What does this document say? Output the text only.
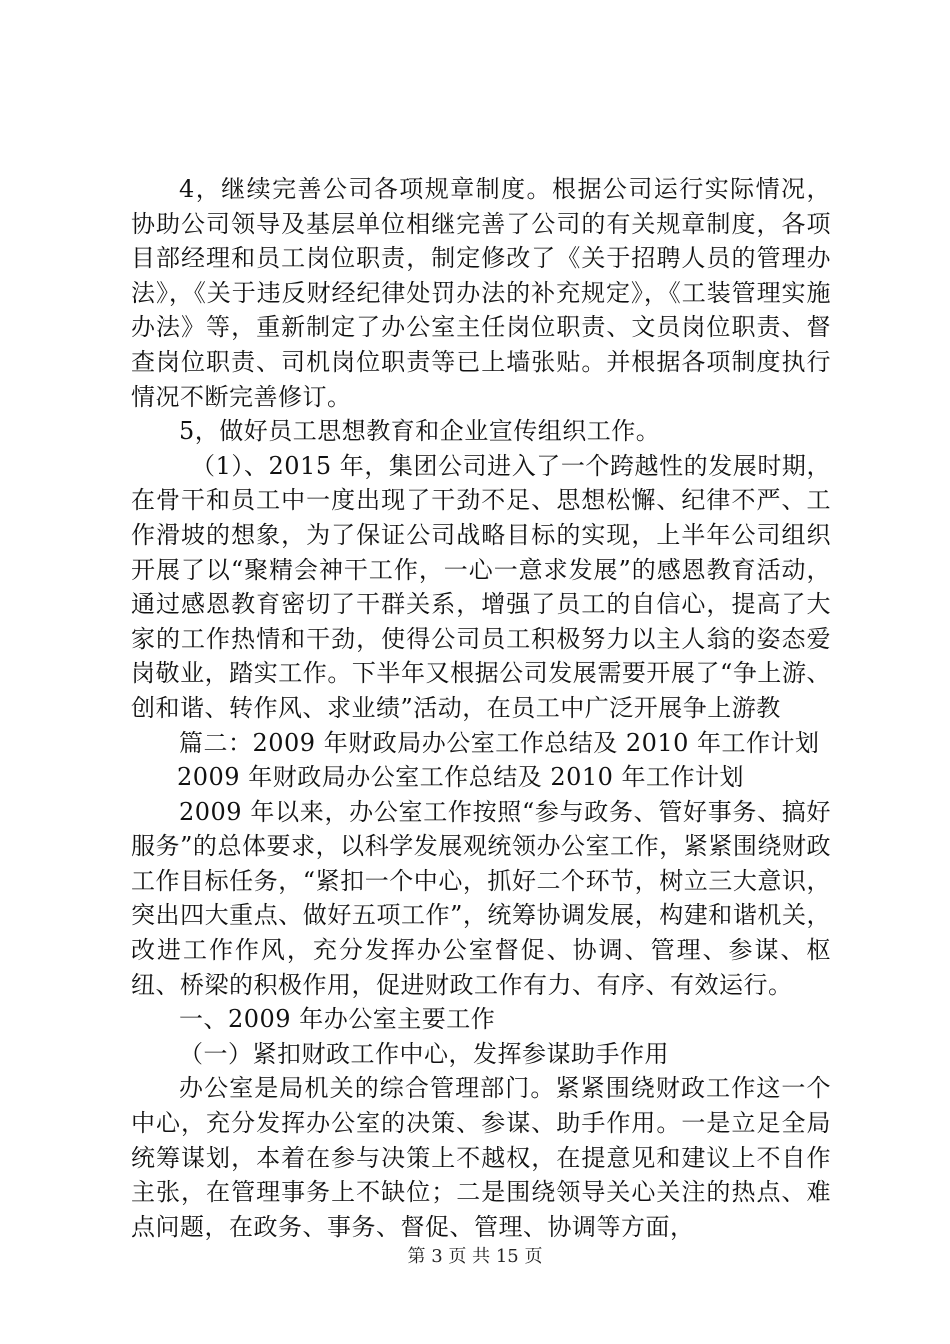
4，继续完善公司各项规章制度。根据公司运行实际情况，协助公司领导及基层单位相继完善了公司的有关规章制度，各项目部经理和员工岗位职责，制定修改了《关于招聘人员的管理办法》，《关于违反财经纪律处罚办法的补充规定》，《工装管理实施办法》等，重新制定了办公室主任岗位职责、文员岗位职责、督查岗位职责、司机岗位职责等已上墙张贴。并根据各项制度执行情况不断完善修订。

5，做好员工思想教育和企业宣传组织工作。

（1）、2015 年，集团公司进入了一个跨越性的发展时期，在骨干和员工中一度出现了干劲不足、思想松懈、纪律不严、工作滑坡的想象，为了保证公司战略目标的实现，上半年公司组织开展了以“聚精会神干工作，一心一意求发展”的感恩教育活动，通过感恩教育密切了干群关系，增强了员工的自信心，提高了大家的工作热情和干劲，使得公司员工积极努力以主人翁的姿态爱岗敬业，踏实工作。下半年又根据公司发展需要开展了“争上游、创和谐、转作风、求业绩”活动，在员工中广泛开展争上游教

篇二：2009 年财政局办公室工作总结及 2010 年工作计划

2009 年财政局办公室工作总结及 2010 年工作计划

2009 年以来，办公室工作按照“参与政务、管好事务、搞好服务”的总体要求，以科学发展观统领办公室工作，紧紧围绕财政工作目标任务，“紧扣一个中心，抓好二个环节，树立三大意识，突出四大重点、做好五项工作”，统筹协调发展，构建和谐机关，改进工作作风，充分发挥办公室督促、协调、管理、参谋、枢纽、桥梁的积极作用，促进财政工作有力、有序、有效运行。

一、2009 年办公室主要工作

（一）紧扣财政工作中心，发挥参谋助手作用

办公室是局机关的综合管理部门。紧紧围绕财政工作这一个中心，充分发挥办公室的决策、参谋、助手作用。一是立足全局统筹谋划，本着在参与决策上不越权，在提意见和建议上不自作主张，在管理事务上不缺位；二是围绕领导关心关注的热点、难点问题，在政务、事务、督促、管理、协调等方面，

第 3 页 共 15 页
